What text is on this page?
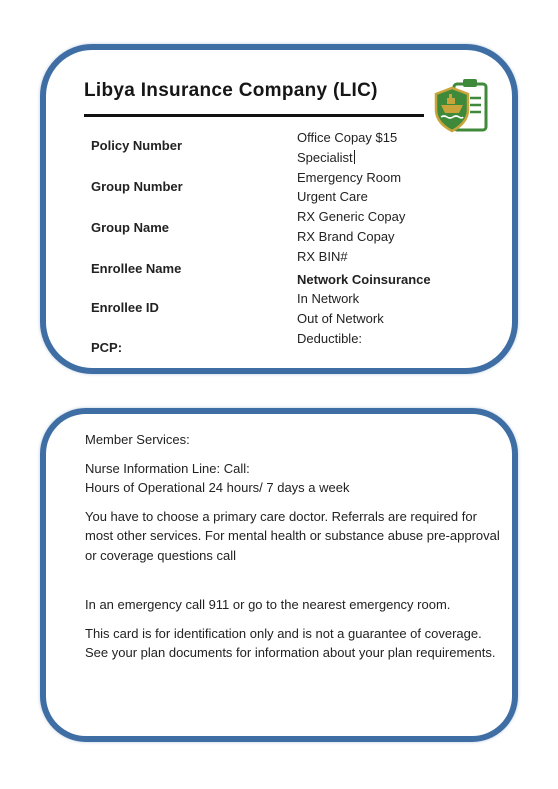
Libya Insurance Company (LIC)
Policy Number
Group Number
Group Name
Enrollee Name
Enrollee ID
PCP:
Office Copay $15
Specialist
Emergency Room
Urgent Care
RX Generic Copay
RX Brand Copay
RX BIN#
Network Coinsurance
In Network
Out of Network
Deductible:

Member Services:

Nurse Information Line: Call:

Hours of Operational 24 hours/ 7 days a week

You have to choose a primary care doctor. Referrals are required for most other services. For mental health or substance abuse pre-approval or coverage questions call

In an emergency call 911 or go to the nearest emergency room.

This card is for identification only and is not a guarantee of coverage. See your plan documents for information about your plan requirements.
